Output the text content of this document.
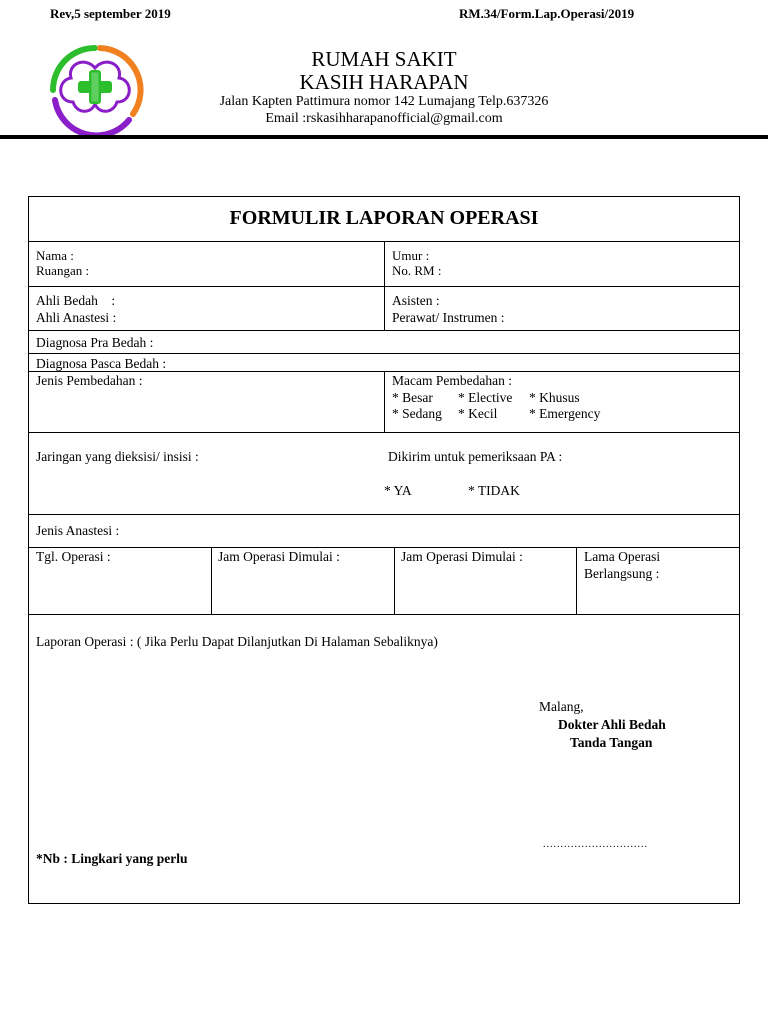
Rev,5 september 2019	RM.34/Form.Lap.Operasi/2019
RUMAH SAKIT
KASIH HARAPAN
Jalan Kapten Pattimura nomor 142 Lumajang Telp.637326
Email :rskasihharapanofficial@gmail.com
FORMULIR LAPORAN OPERASI
Nama :
Ruangan :
Umur :
No. RM :
Ahli Bedah    :
Ahli Anastesi :
Asisten :
Perawat/ Instrumen :
Diagnosa Pra Bedah :
Diagnosa Pasca Bedah :
Jenis Pembedahan :	Macam Pembedahan :
* Besar * Elective * Khusus
* Sedang * Kecil * Emergency
Jaringan yang dieksisi/ insisi :	Dikirim untuk pemeriksaan PA :
* YA	* TIDAK
Jenis Anastesi :
Tgl. Operasi :	Jam Operasi Dimulai :	Jam Operasi Dimulai :	Lama Operasi
Berlangsung :
Laporan Operasi : ( Jika Perlu Dapat Dilanjutkan Di Halaman Sebaliknya)
Malang,
Dokter Ahli Bedah
Tanda Tangan
..............................
*Nb : Lingkari yang perlu
